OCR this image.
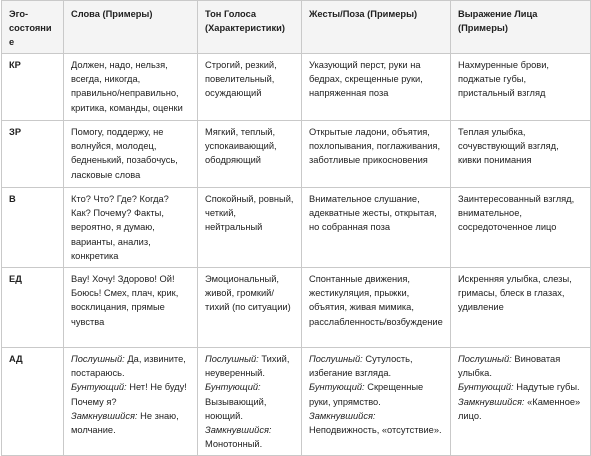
Эго-состояние	Слова (Примеры)	Тон Голоса (Характеристики)	Жесты/Поза (Примеры)	Выражение Лица (Примеры)
КР	Должен, надо, нельзя, всегда, никогда, правильно/неправильно, критика, команды, оценки	Строгий, резкий, повелительный, осуждающий	Указующий перст, руки на бедрах, скрещенные руки, напряженная поза	Нахмуренные брови, поджатые губы, пристальный взгляд
ЗР	Помогу, поддержу, не волнуйся, молодец, бедненький, позабочусь, ласковые слова	Мягкий, теплый, успокаивающий, ободряющий	Открытые ладони, объятия, похлопывания, поглаживания, заботливые прикосновения	Теплая улыбка, сочувствующий взгляд, кивки понимания
В	Кто? Что? Где? Когда? Как? Почему? Факты, вероятно, я думаю, варианты, анализ, конкретика	Спокойный, ровный, четкий, нейтральный	Внимательное слушание, адекватные жесты, открытая, но собранная поза	Заинтересованный взгляд, внимательное, сосредоточенное лицо
ЕД	Вау! Хочу! Здорово! Ой! Боюсь! Смех, плач, крик, восклицания, прямые чувства	Эмоциональный, живой, громкий/тихий (по ситуации)	Спонтанные движения, жестикуляция, прыжки, объятия, живая мимика, расслабленность/возбуждение	Искренняя улыбка, слезы, гримасы, блеск в глазах, удивление
АД	Послушный: Да, извините, постараюсь.
Бунтующий: Нет! Не буду! Почему я?
Замкнувшийся: Не знаю, молчание.	Послушный: Тихий, неуверенный.
Бунтующий: Вызывающий, ноющий.
Замкнувшийся: Монотонный.	Послушный: Сутулость, избегание взгляда.
Бунтующий: Скрещенные руки, упрямство.
Замкнувшийся: Неподвижность, «отсутствие».	Послушный: Виноватая улыбка.
Бунтующий: Надутые губы.
Замкнувшийся: «Каменное» лицо.
